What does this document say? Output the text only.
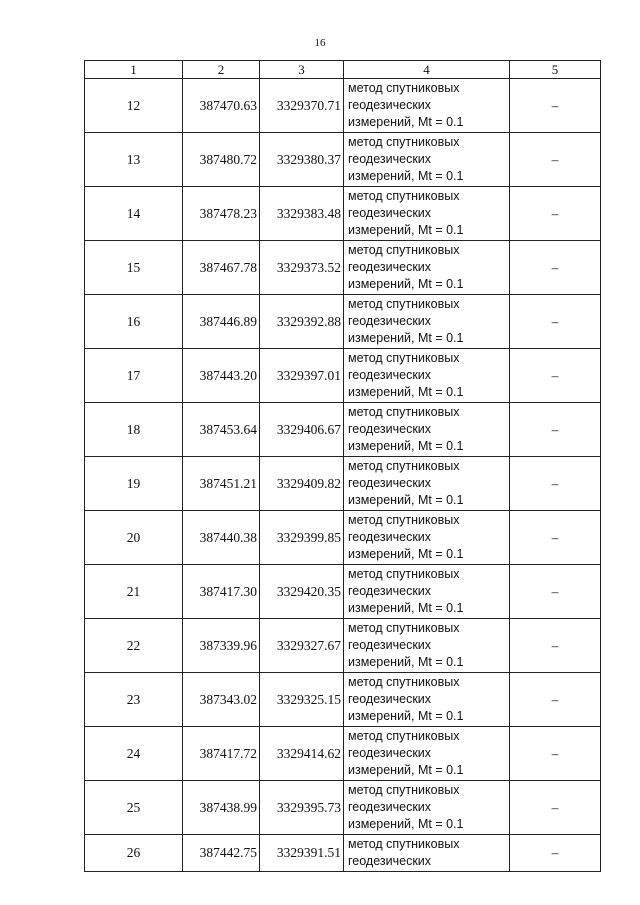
16
1	2	3	4	5
12	387470.63	3329370.71	метод спутниковых
геодезических
измерений, Mt = 0.1	–
13	387480.72	3329380.37	метод спутниковых
геодезических
измерений, Mt = 0.1	–
14	387478.23	3329383.48	метод спутниковых
геодезических
измерений, Mt = 0.1	–
15	387467.78	3329373.52	метод спутниковых
геодезических
измерений, Mt = 0.1	–
16	387446.89	3329392.88	метод спутниковых
геодезических
измерений, Mt = 0.1	–
17	387443.20	3329397.01	метод спутниковых
геодезических
измерений, Mt = 0.1	–
18	387453.64	3329406.67	метод спутниковых
геодезических
измерений, Mt = 0.1	–
19	387451.21	3329409.82	метод спутниковых
геодезических
измерений, Mt = 0.1	–
20	387440.38	3329399.85	метод спутниковых
геодезических
измерений, Mt = 0.1	–
21	387417.30	3329420.35	метод спутниковых
геодезических
измерений, Mt = 0.1	–
22	387339.96	3329327.67	метод спутниковых
геодезических
измерений, Mt = 0.1	–
23	387343.02	3329325.15	метод спутниковых
геодезических
измерений, Mt = 0.1	–
24	387417.72	3329414.62	метод спутниковых
геодезических
измерений, Mt = 0.1	–
25	387438.99	3329395.73	метод спутниковых
геодезических
измерений, Mt = 0.1	–
26	387442.75	3329391.51	метод спутниковых
геодезических	–
